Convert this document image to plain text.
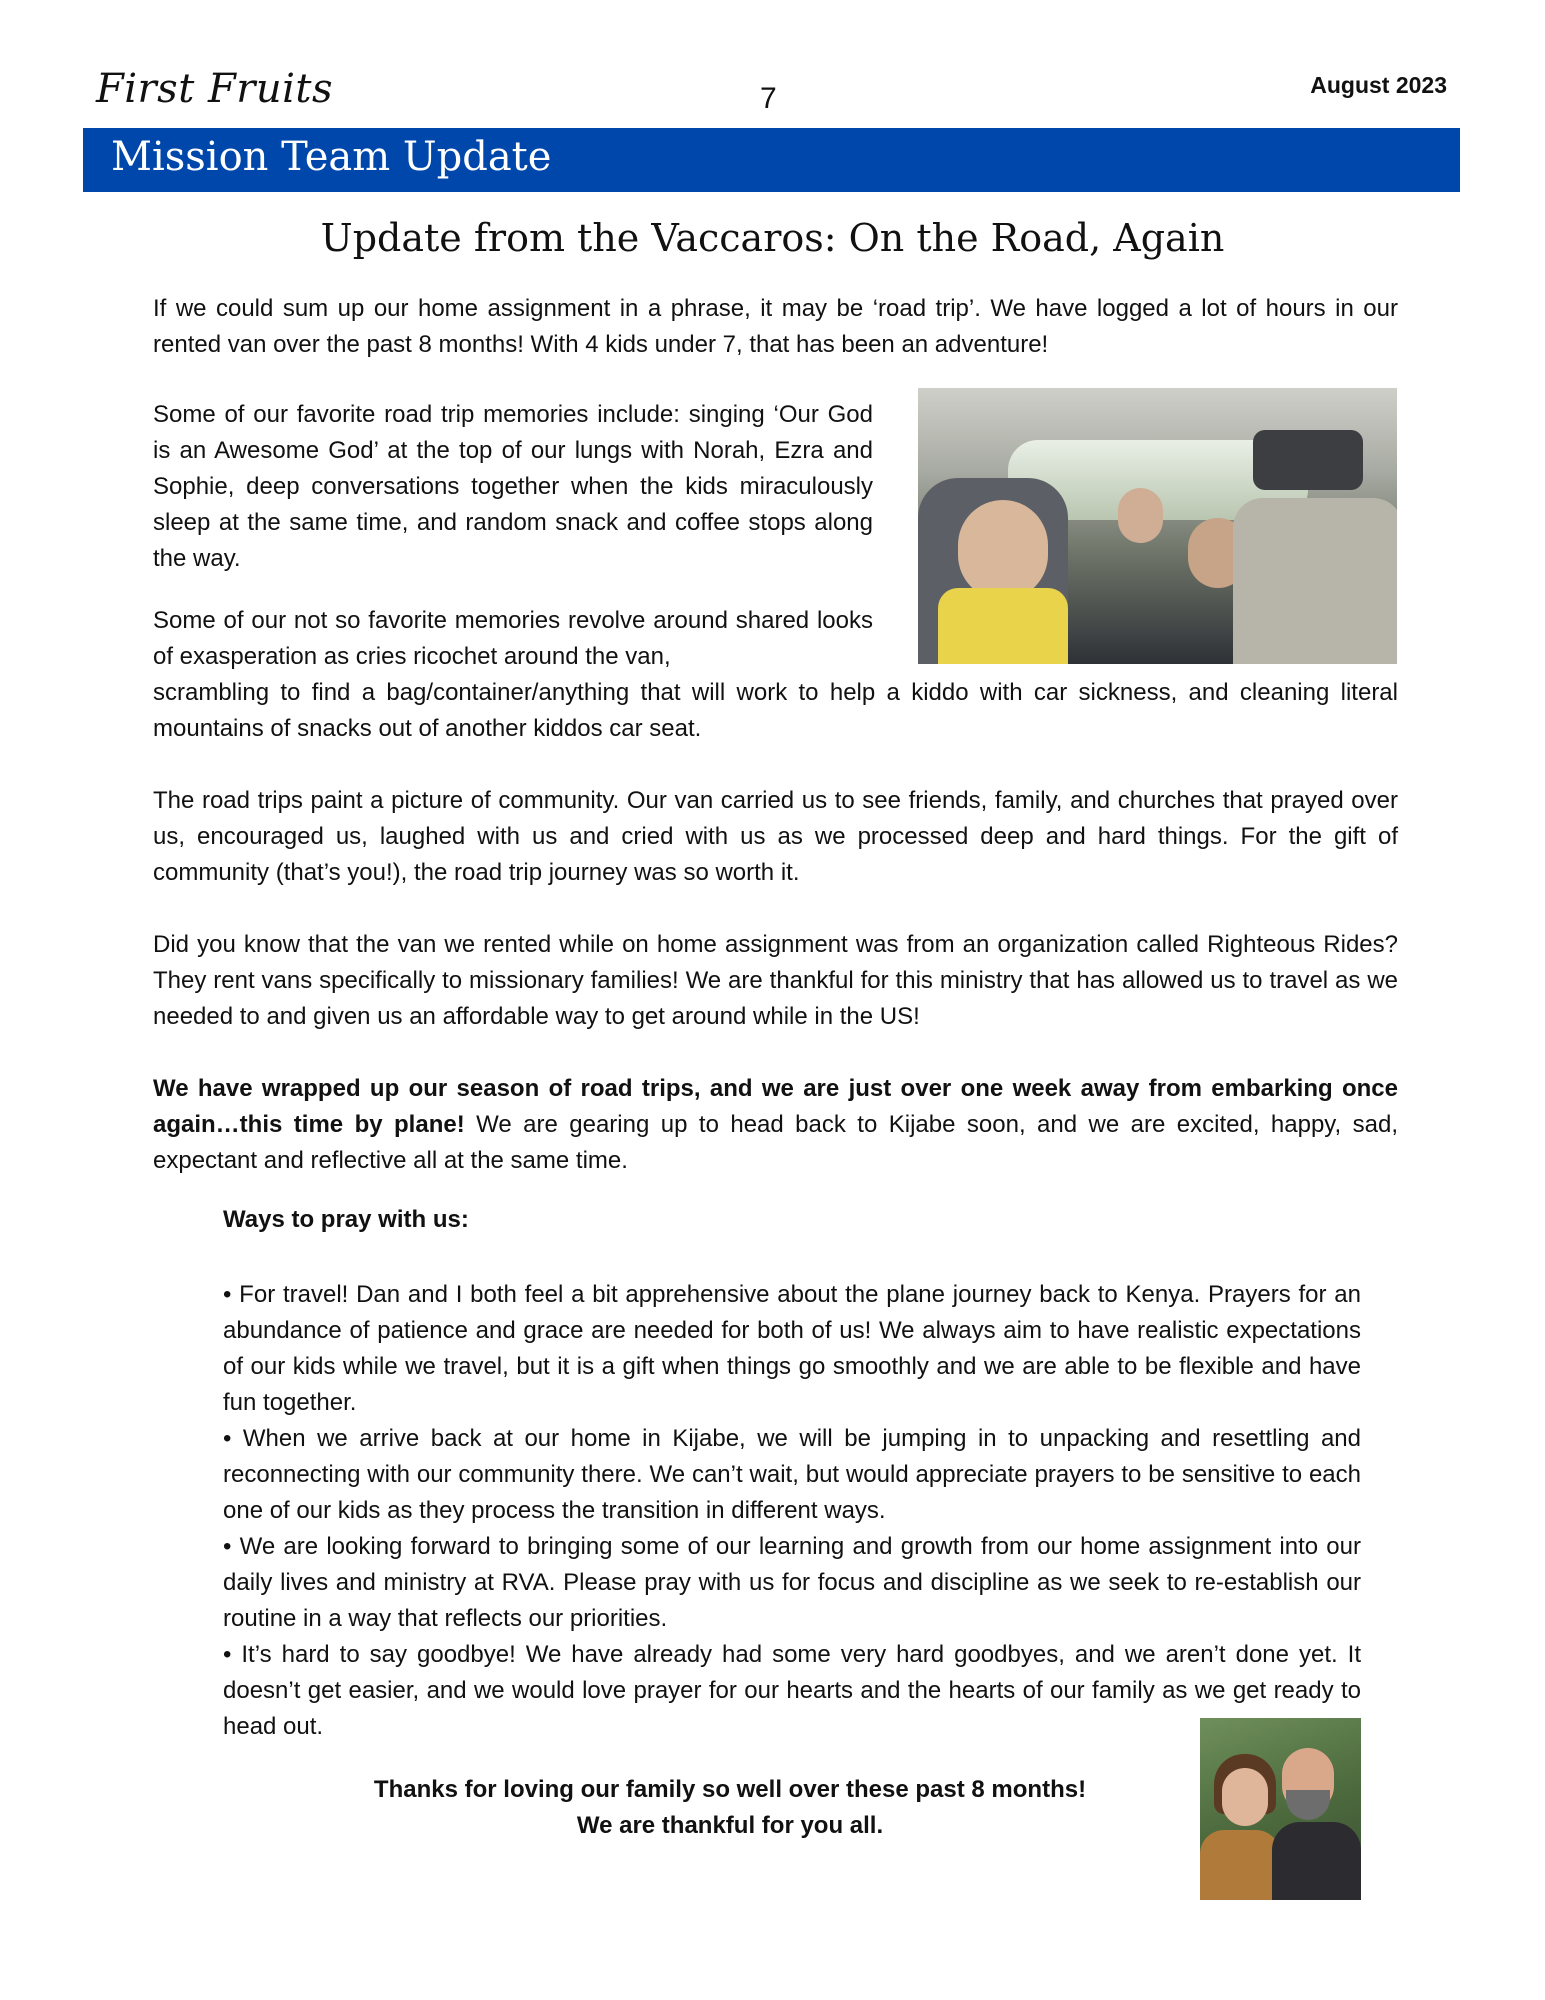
First Fruits	7	August 2023
Mission Team Update
Update from the Vaccaros: On the Road, Again

If we could sum up our home assignment in a phrase, it may be ‘road trip’. We have logged a lot of hours in our rented van over the past 8 months! With 4 kids under 7, that has been an adventure!

Some of our favorite road trip memories include: singing ‘Our God is an Awesome God’ at the top of our lungs with Norah, Ezra and Sophie, deep conversations together when the kids miraculously sleep at the same time, and random snack and coffee stops along the way.

Some of our not so favorite memories revolve around shared looks of exasperation as cries ricochet around the van,

scrambling to find a bag/container/anything that will work to help a kiddo with car sickness, and cleaning literal mountains of snacks out of another kiddos car seat.

The road trips paint a picture of community. Our van carried us to see friends, family, and churches that prayed over us, encouraged us, laughed with us and cried with us as we processed deep and hard things. For the gift of community (that’s you!), the road trip journey was so worth it.

Did you know that the van we rented while on home assignment was from an organization called Righteous Rides? They rent vans specifically to missionary families! We are thankful for this ministry that has allowed us to travel as we needed to and given us an affordable way to get around while in the US!

We have wrapped up our season of road trips, and we are just over one week away from embarking once again…this time by plane! We are gearing up to head back to Kijabe soon, and we are excited, happy, sad, expectant and reflective all at the same time.

Ways to pray with us:

• For travel! Dan and I both feel a bit apprehensive about the plane journey back to Kenya. Prayers for an abundance of patience and grace are needed for both of us! We always aim to have realistic expectations of our kids while we travel, but it is a gift when things go smoothly and we are able to be flexible and have fun together.

• When we arrive back at our home in Kijabe, we will be jumping in to unpacking and resettling and reconnecting with our community there. We can’t wait, but would appreciate prayers to be sensitive to each one of our kids as they process the transition in different ways.

• We are looking forward to bringing some of our learning and growth from our home assignment into our daily lives and ministry at RVA. Please pray with us for focus and discipline as we seek to re-establish our routine in a way that reflects our priorities.

• It’s hard to say goodbye! We have already had some very hard goodbyes, and we aren’t done yet. It doesn’t get easier, and we would love prayer for our hearts and the hearts of our family as we get ready to head out.

Thanks for loving our family so well over these past 8 months! We are thankful for you all.
